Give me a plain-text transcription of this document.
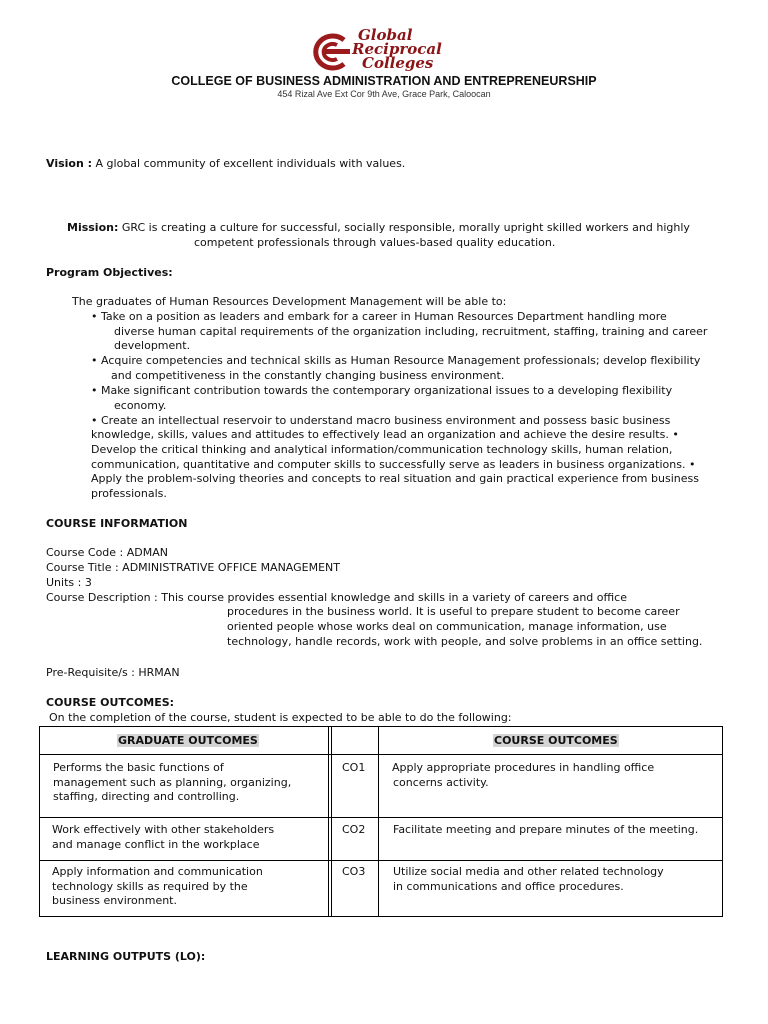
Global
Reciprocal
Colleges
COLLEGE OF BUSINESS ADMINISTRATION AND ENTREPRENEURSHIP
454 Rizal Ave Ext Cor 9th Ave, Grace Park, Caloocan
Vision : A global community of excellent individuals with values.
Mission: GRC is creating a culture for successful, socially responsible, morally upright skilled workers and highly
competent professionals through values-based quality education.
Program Objectives:
The graduates of Human Resources Development Management will be able to:
• Take on a position as leaders and embark for a career in Human Resources Department handling more
diverse human capital requirements of the organization including, recruitment, staffing, training and career
development.
• Acquire competencies and technical skills as Human Resource Management professionals; develop flexibility
and competitiveness in the constantly changing business environment.
• Make significant contribution towards the contemporary organizational issues to a developing flexibility
economy.
• Create an intellectual reservoir to understand macro business environment and possess basic business
knowledge, skills, values and attitudes to effectively lead an organization and achieve the desire results. •
Develop the critical thinking and analytical information/communication technology skills, human relation,
communication, quantitative and computer skills to successfully serve as leaders in business organizations. •
Apply the problem-solving theories and concepts to real situation and gain practical experience from business
professionals.
COURSE INFORMATION
Course Code : ADMAN
Course Title : ADMINISTRATIVE OFFICE MANAGEMENT
Units : 3
Course Description : This course provides essential knowledge and skills in a variety of careers and office
procedures in the business world. It is useful to prepare student to become career
oriented people whose works deal on communication, manage information, use
technology, handle records, work with people, and solve problems in an office setting.
Pre-Requisite/s : HRMAN
COURSE OUTCOMES:
On the completion of the course, student is expected to be able to do the following:
GRADUATE OUTCOMES	COURSE OUTCOMES
Performs the basic functions of
management such as planning, organizing,
staffing, directing and controlling.
CO1 Apply appropriate procedures in handling office
concerns activity.
Work effectively with other stakeholders
and manage conflict in the workplace
CO2	Facilitate meeting and prepare minutes of the meeting.
Apply information and communication
technology skills as required by the
business environment.
CO3	Utilize social media and other related technology
in communications and office procedures.
LEARNING OUTPUTS (LO):
